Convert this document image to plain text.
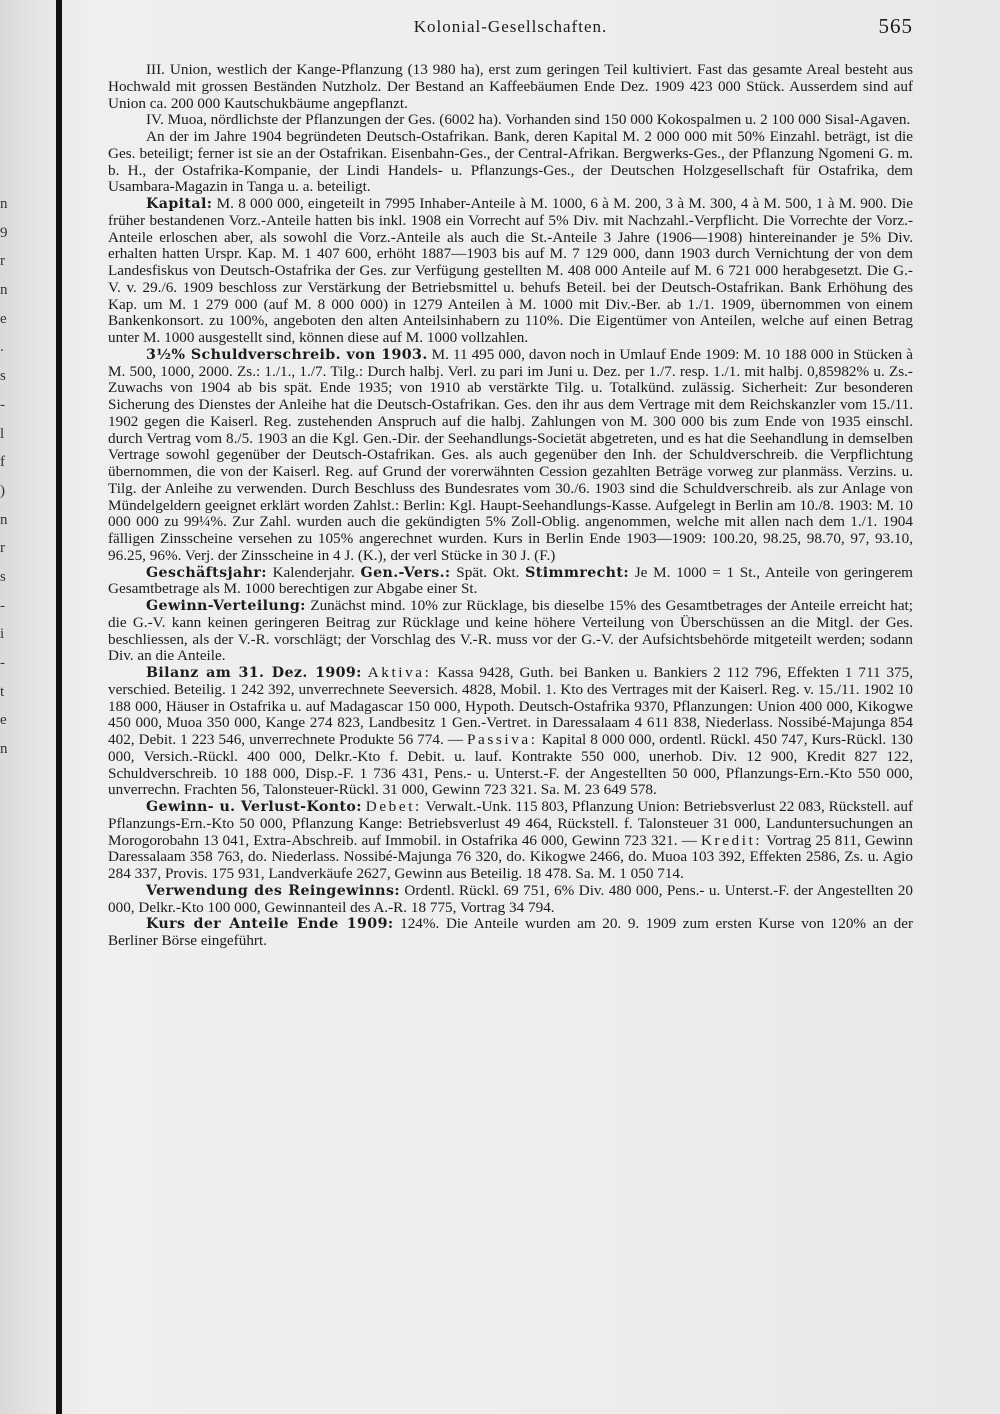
n
9
r
n
e
.
s
-
l
f
)
n
r
s
-
i
-
t
e
n
Kolonial-Gesellschaften.	565

III. Union, westlich der Kange-Pflanzung (13 980 ha), erst zum geringen Teil kultiviert. Fast das gesamte Areal besteht aus Hochwald mit grossen Beständen Nutzholz. Der Bestand an Kaffeebäumen Ende Dez. 1909 423 000 Stück. Ausserdem sind auf Union ca. 200 000 Kautschukbäume angepflanzt.

IV. Muoa, nördlichste der Pflanzungen der Ges. (6002 ha). Vorhanden sind 150 000 Kokospalmen u. 2 100 000 Sisal-Agaven.

An der im Jahre 1904 begründeten Deutsch-Ostafrikan. Bank, deren Kapital M. 2 000 000 mit 50% Einzahl. beträgt, ist die Ges. beteiligt; ferner ist sie an der Ostafrikan. Eisenbahn-Ges., der Central-Afrikan. Bergwerks-Ges., der Pflanzung Ngomeni G. m. b. H., der Ostafrika-Kompanie, der Lindi Handels- u. Pflanzungs-Ges., der Deutschen Holzgesellschaft für Ostafrika, dem Usambara-Magazin in Tanga u. a. beteiligt.

Kapital: M. 8 000 000, eingeteilt in 7995 Inhaber-Anteile à M. 1000, 6 à M. 200, 3 à M. 300, 4 à M. 500, 1 à M. 900. Die früher bestandenen Vorz.-Anteile hatten bis inkl. 1908 ein Vorrecht auf 5% Div. mit Nachzahl.-Verpflicht. Die Vorrechte der Vorz.-Anteile erloschen aber, als sowohl die Vorz.-Anteile als auch die St.-Anteile 3 Jahre (1906—1908) hintereinander je 5% Div. erhalten hatten Urspr. Kap. M. 1 407 600, erhöht 1887—1903 bis auf M. 7 129 000, dann 1903 durch Vernichtung der von dem Landesfiskus von Deutsch-Ostafrika der Ges. zur Verfügung gestellten M. 408 000 Anteile auf M. 6 721 000 herabgesetzt. Die G.-V. v. 29./6. 1909 beschloss zur Verstärkung der Betriebsmittel u. behufs Beteil. bei der Deutsch-Ostafrikan. Bank Erhöhung des Kap. um M. 1 279 000 (auf M. 8 000 000) in 1279 Anteilen à M. 1000 mit Div.-Ber. ab 1./1. 1909, übernommen von einem Bankenkonsort. zu 100%, angeboten den alten Anteilsinhabern zu 110%. Die Eigentümer von Anteilen, welche auf einen Betrag unter M. 1000 ausgestellt sind, können diese auf M. 1000 vollzahlen.

3½% Schuldverschreib. von 1903. M. 11 495 000, davon noch in Umlauf Ende 1909: M. 10 188 000 in Stücken à M. 500, 1000, 2000. Zs.: 1./1., 1./7. Tilg.: Durch halbj. Verl. zu pari im Juni u. Dez. per 1./7. resp. 1./1. mit halbj. 0,85982% u. Zs.-Zuwachs von 1904 ab bis spät. Ende 1935; von 1910 ab verstärkte Tilg. u. Totalkünd. zulässig. Sicherheit: Zur besonderen Sicherung des Dienstes der Anleihe hat die Deutsch-Ostafrikan. Ges. den ihr aus dem Vertrage mit dem Reichskanzler vom 15./11. 1902 gegen die Kaiserl. Reg. zustehenden Anspruch auf die halbj. Zahlungen von M. 300 000 bis zum Ende von 1935 einschl. durch Vertrag vom 8./5. 1903 an die Kgl. Gen.-Dir. der Seehandlungs-Societät abgetreten, und es hat die Seehandlung in demselben Vertrage sowohl gegenüber der Deutsch-Ostafrikan. Ges. als auch gegenüber den Inh. der Schuldverschreib. die Verpflichtung übernommen, die von der Kaiserl. Reg. auf Grund der vorerwähnten Cession gezahlten Beträge vorweg zur planmäss. Verzins. u. Tilg. der Anleihe zu verwenden. Durch Beschluss des Bundesrates vom 30./6. 1903 sind die Schuldverschreib. als zur Anlage von Mündelgeldern geeignet erklärt worden Zahlst.: Berlin: Kgl. Haupt-Seehandlungs-Kasse. Aufgelegt in Berlin am 10./8. 1903: M. 10 000 000 zu 99¼%. Zur Zahl. wurden auch die gekündigten 5% Zoll-Oblig. angenommen, welche mit allen nach dem 1./1. 1904 fälligen Zinsscheine versehen zu 105% angerechnet wurden. Kurs in Berlin Ende 1903—1909: 100.20, 98.25, 98.70, 97, 93.10, 96.25, 96%. Verj. der Zinsscheine in 4 J. (K.), der verl Stücke in 30 J. (F.)

Geschäftsjahr: Kalenderjahr. Gen.-Vers.: Spät. Okt. Stimmrecht: Je M. 1000 = 1 St., Anteile von geringerem Gesamtbetrage als M. 1000 berechtigen zur Abgabe einer St.

Gewinn-Verteilung: Zunächst mind. 10% zur Rücklage, bis dieselbe 15% des Gesamtbetrages der Anteile erreicht hat; die G.-V. kann keinen geringeren Beitrag zur Rücklage und keine höhere Verteilung von Überschüssen an die Mitgl. der Ges. beschliessen, als der V.-R. vorschlägt; der Vorschlag des V.-R. muss vor der G.-V. der Aufsichtsbehörde mitgeteilt werden; sodann Div. an die Anteile.

Bilanz am 31. Dez. 1909: Aktiva: Kassa 9428, Guth. bei Banken u. Bankiers 2 112 796, Effekten 1 711 375, verschied. Beteilig. 1 242 392, unverrechnete Seeversich. 4828, Mobil. 1. Kto des Vertrages mit der Kaiserl. Reg. v. 15./11. 1902 10 188 000, Häuser in Ostafrika u. auf Madagascar 150 000, Hypoth. Deutsch-Ostafrika 9370, Pflanzungen: Union 400 000, Kikogwe 450 000, Muoa 350 000, Kange 274 823, Landbesitz 1 Gen.-Vertret. in Daressalaam 4 611 838, Niederlass. Nossibé-Majunga 854 402, Debit. 1 223 546, unverrechnete Produkte 56 774. — Passiva: Kapital 8 000 000, ordentl. Rückl. 450 747, Kurs-Rückl. 130 000, Versich.-Rückl. 400 000, Delkr.-Kto f. Debit. u. lauf. Kontrakte 550 000, unerhob. Div. 12 900, Kredit 827 122, Schuldverschreib. 10 188 000, Disp.-F. 1 736 431, Pens.- u. Unterst.-F. der Angestellten 50 000, Pflanzungs-Ern.-Kto 550 000, unverrechn. Frachten 56, Talonsteuer-Rückl. 31 000, Gewinn 723 321. Sa. M. 23 649 578.

Gewinn- u. Verlust-Konto: Debet: Verwalt.-Unk. 115 803, Pflanzung Union: Betriebsverlust 22 083, Rückstell. auf Pflanzungs-Ern.-Kto 50 000, Pflanzung Kange: Betriebsverlust 49 464, Rückstell. f. Talonsteuer 31 000, Landuntersuchungen an Morogorobahn 13 041, Extra-Abschreib. auf Immobil. in Ostafrika 46 000, Gewinn 723 321. — Kredit: Vortrag 25 811, Gewinn Daressalaam 358 763, do. Niederlass. Nossibé-Majunga 76 320, do. Kikogwe 2466, do. Muoa 103 392, Effekten 2586, Zs. u. Agio 284 337, Provis. 175 931, Landverkäufe 2627, Gewinn aus Beteilig. 18 478. Sa. M. 1 050 714.

Verwendung des Reingewinns: Ordentl. Rückl. 69 751, 6% Div. 480 000, Pens.- u. Unterst.-F. der Angestellten 20 000, Delkr.-Kto 100 000, Gewinnanteil des A.-R. 18 775, Vortrag 34 794.

Kurs der Anteile Ende 1909: 124%. Die Anteile wurden am 20. 9. 1909 zum ersten Kurse von 120% an der Berliner Börse eingeführt.
